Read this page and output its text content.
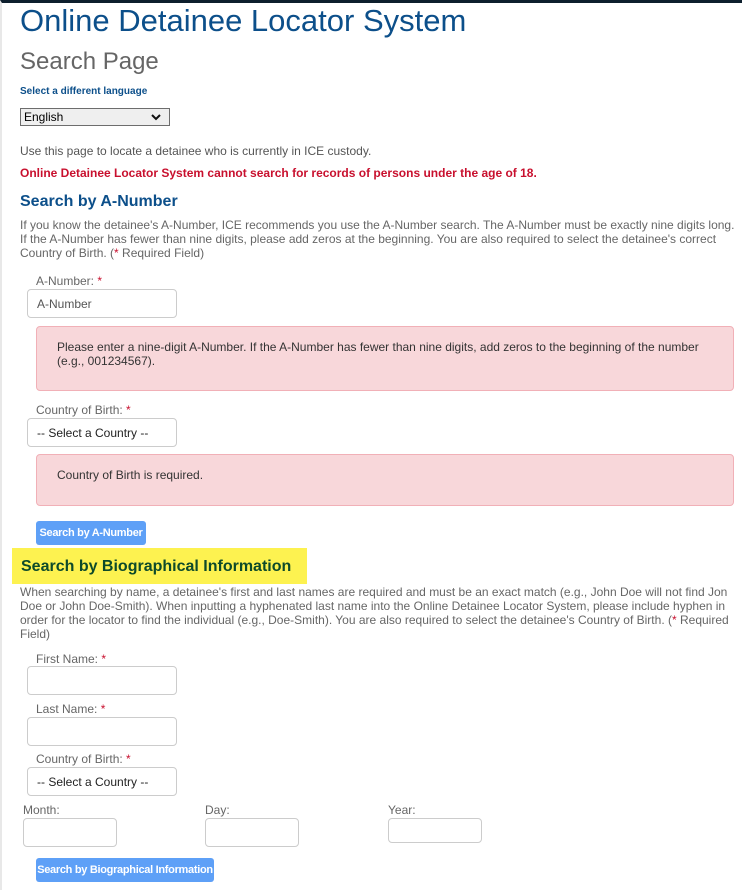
Online Detainee Locator System
Search Page
Select a different language
English
Use this page to locate a detainee who is currently in ICE custody.
Online Detainee Locator System cannot search for records of persons under the age of 18.
Search by A-Number
If you know the detainee's A-Number, ICE recommends you use the A-Number search. The A-Number must be exactly nine digits long. If the A-Number has fewer than nine digits, please add zeros at the beginning. You are also required to select the detainee's correct Country of Birth. (* Required Field)
A-Number: *
A-Number
Please enter a nine-digit A-Number. If the A-Number has fewer than nine digits, add zeros to the beginning of the number (e.g., 001234567).
Country of Birth: *
-- Select a Country --
Country of Birth is required.
Search by A-Number
Search by Biographical Information
When searching by name, a detainee's first and last names are required and must be an exact match (e.g., John Doe will not find Jon Doe or John Doe-Smith). When inputting a hyphenated last name into the Online Detainee Locator System, please include hyphen in order for the locator to find the individual (e.g., Doe-Smith). You are also required to select the detainee's Country of Birth. (* Required Field)
First Name: *
Last Name: *
Country of Birth: *
-- Select a Country --
Month:	Day:	Year:
Search by Biographical Information
